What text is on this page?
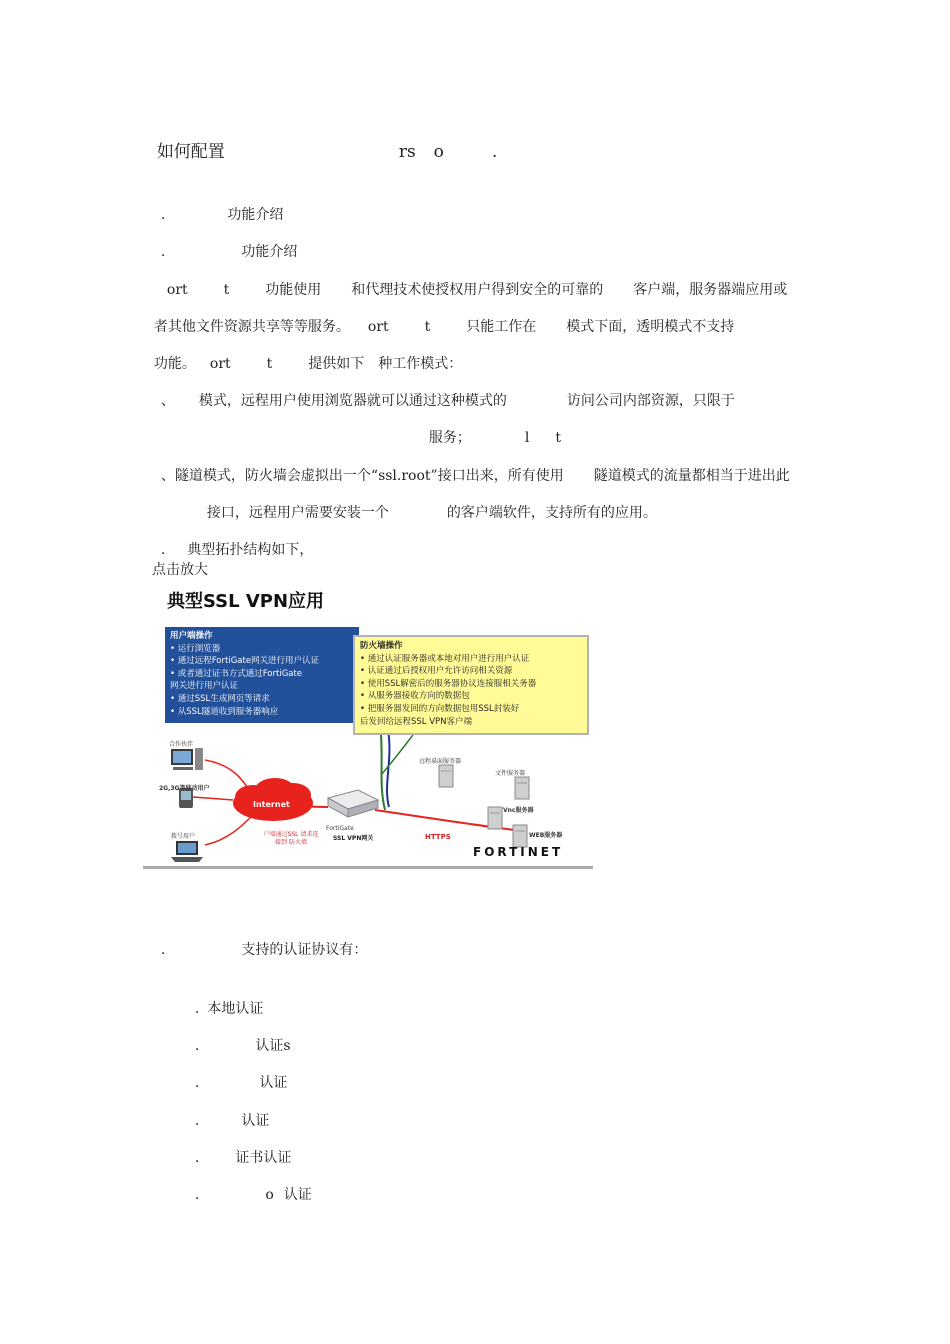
如何配置	rs o	.

.	功能介绍

.	功能介绍

ort	t	功能使用 和代理技术使授权用户得到安全的可靠的 客户端，服务器端应用或

者其他文件资源共享等等服务。 ort	t	只能工作在 模式下面，透明模式不支持

功能。 ort	t	提供如下 种工作模式：

、 模式，远程用户使用浏览器就可以通过这种模式的	访问公司内部资源，只限于

服务；	l t

、隧道模式，防火墙会虚拟出一个“ssl.root”接口出来，所有使用 隧道模式的流量都相当于进出此

接口，远程用户需要安装一个	的客户端软件，支持所有的应用。

. 典型拓扑结构如下，

点击放大
典型SSL VPN应用
用户端操作
• 运行浏览器
• 通过远程FortiGate网关进行用户认证
• 或者通过证书方式通过FortiGate
网关进行用户认证
• 通过SSL生成网页等请求
• 从SSL隧道收到服务器响应
防火墙操作
• 通过认证服务器或本地对用户进行用户认证
• 认证通过后授权用户允许访问相关资源
• 使用SSL解密后的服务器协议连接服相关务器
• 从服务器接收方向的数据包
• 把服务器发回的方向数据包用SSL封装好
后发回给远程SSL VPN客户端
合作伙伴
2G,3G等移动用户
拨号用户
Internet
户端通过SSL 请求连接到 防火墙
FortiGate
SSL VPN网关	HTTPS
远程桌面服务器
文件服务器
Vnc服务器
WEB服务器
FORTINET

.	支持的认证协议有：

. 本地认证

.	认证s

.	认证

.	认证

.	证书认证

.	o 认证
